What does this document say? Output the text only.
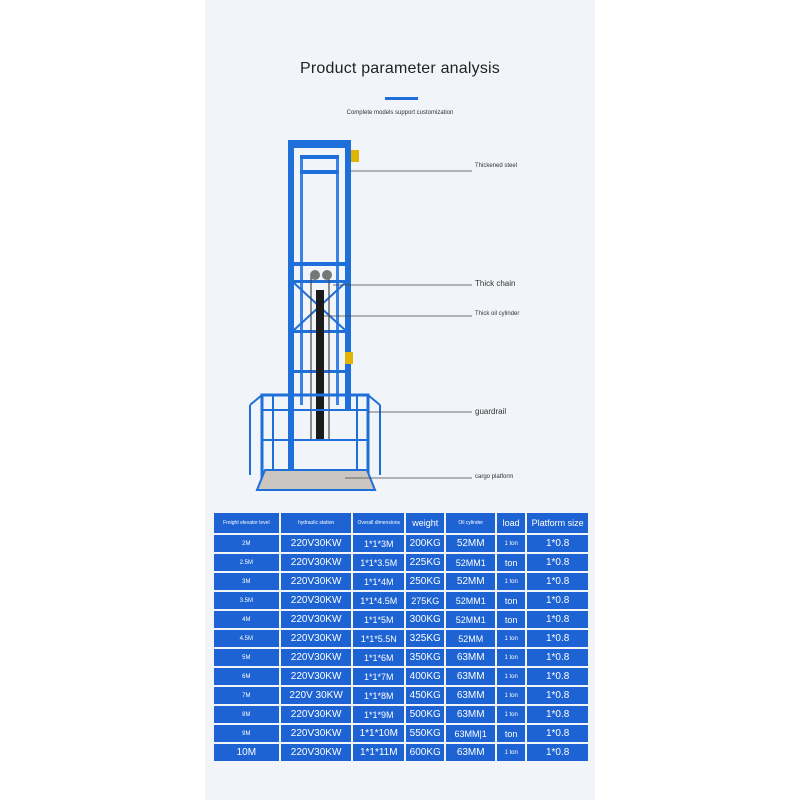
Product parameter analysis
Complete models support customization
Thickened steel
Thick chain
Thick oil cylinder
guardrail
cargo platform
Freight elevator level	hydraulic station	Overall dimensions	weight	Oil cylinder	load	Platform size
2M	220V30KW	1*1*3M	200KG	52MM	1 ton	1*0.8
2.5M	220V30KW	1*1*3.5M	225KG	52MM1	ton	1*0.8
3M	220V30KW	1*1*4M	250KG	52MM	1 ton	1*0.8
3.5M	220V30KW	1*1*4.5M	275KG	52MM1	ton	1*0.8
4M	220V30KW	1*1*5M	300KG	52MM1	ton	1*0.8
4.5M	220V30KW	1*1*5.5N	325KG	52MM	1 ton	1*0.8
5M	220V30KW	1*1*6M	350KG	63MM	1 ton	1*0.8
6M	220V30KW	1*1*7M	400KG	63MM	1 ton	1*0.8
7M	220V 30KW	1*1*8M	450KG	63MM	1 ton	1*0.8
8M	220V30KW	1*1*9M	500KG	63MM	1 ton	1*0.8
9M	220V30KW	1*1*10M	550KG	63MM|1	ton	1*0.8
10M	220V30KW	1*1*11M	600KG	63MM	1 ton	1*0.8
